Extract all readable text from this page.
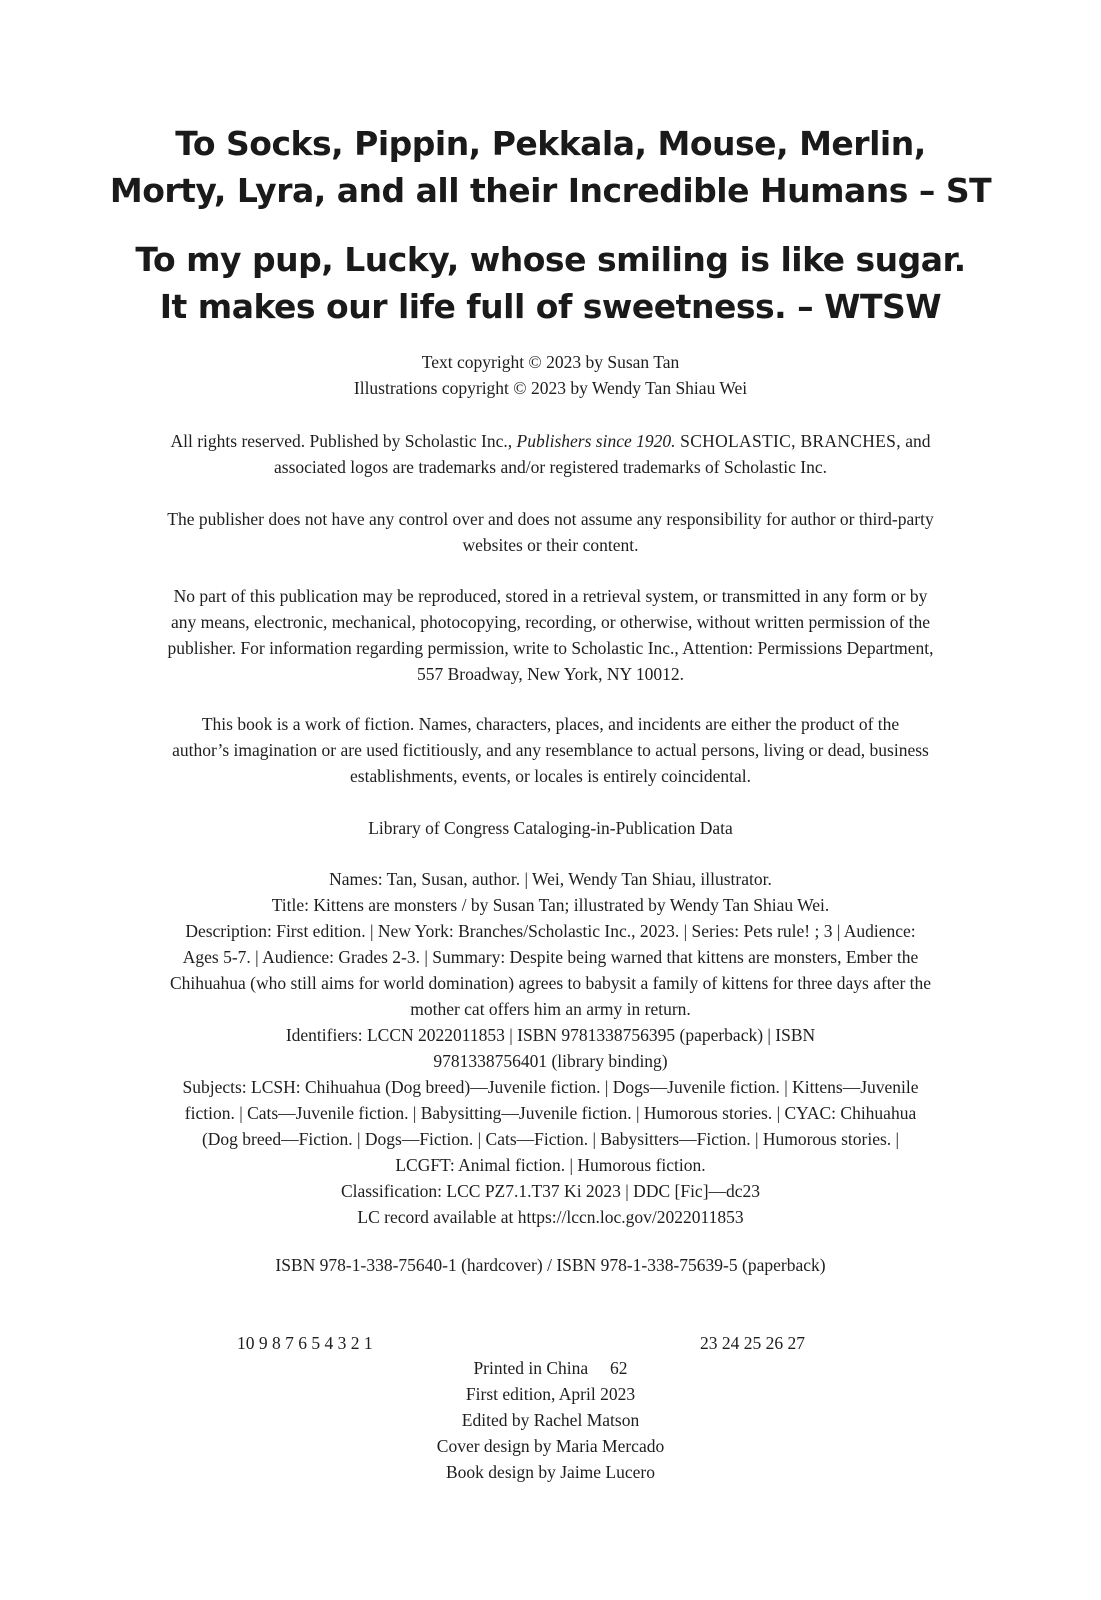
To Socks, Pippin, Pekkala, Mouse, Merlin,
Morty, Lyra, and all their Incredible Humans – ST

To my pup, Lucky, whose smiling is like sugar.
It makes our life full of sweetness. – WTSW

Text copyright © 2023 by Susan Tan
Illustrations copyright © 2023 by Wendy Tan Shiau Wei

All rights reserved. Published by Scholastic Inc., Publishers since 1920. SCHOLASTIC, BRANCHES, and
associated logos are trademarks and/or registered trademarks of Scholastic Inc.

The publisher does not have any control over and does not assume any responsibility for author or third-party
websites or their content.

No part of this publication may be reproduced, stored in a retrieval system, or transmitted in any form or by
any means, electronic, mechanical, photocopying, recording, or otherwise, without written permission of the
publisher. For information regarding permission, write to Scholastic Inc., Attention: Permissions Department,
557 Broadway, New York, NY 10012.

This book is a work of fiction. Names, characters, places, and incidents are either the product of the
author’s imagination or are used fictitiously, and any resemblance to actual persons, living or dead, business
establishments, events, or locales is entirely coincidental.

Library of Congress Cataloging-in-Publication Data

Names: Tan, Susan, author. | Wei, Wendy Tan Shiau, illustrator.
Title: Kittens are monsters / by Susan Tan; illustrated by Wendy Tan Shiau Wei.
Description: First edition. | New York: Branches/Scholastic Inc., 2023. | Series: Pets rule! ; 3 | Audience:
Ages 5-7. | Audience: Grades 2-3. | Summary: Despite being warned that kittens are monsters, Ember the
Chihuahua (who still aims for world domination) agrees to babysit a family of kittens for three days after the
mother cat offers him an army in return.
Identifiers: LCCN 2022011853 | ISBN 9781338756395 (paperback) | ISBN
9781338756401 (library binding)
Subjects: LCSH: Chihuahua (Dog breed)—Juvenile fiction. | Dogs—Juvenile fiction. | Kittens—Juvenile
fiction. | Cats—Juvenile fiction. | Babysitting—Juvenile fiction. | Humorous stories. | CYAC: Chihuahua
(Dog breed—Fiction. | Dogs—Fiction. | Cats—Fiction. | Babysitters—Fiction. | Humorous stories. |
LCGFT: Animal fiction. | Humorous fiction.
Classification: LCC PZ7.1.T37 Ki 2023 | DDC [Fic]—dc23
LC record available at https://lccn.loc.gov/2022011853

ISBN 978-1-338-75640-1 (hardcover) / ISBN 978-1-338-75639-5 (paperback)

10 9 8 7 6 5 4 3 2 1	23 24 25 26 27

Printed in China     62
First edition, April 2023
Edited by Rachel Matson
Cover design by Maria Mercado
Book design by Jaime Lucero
